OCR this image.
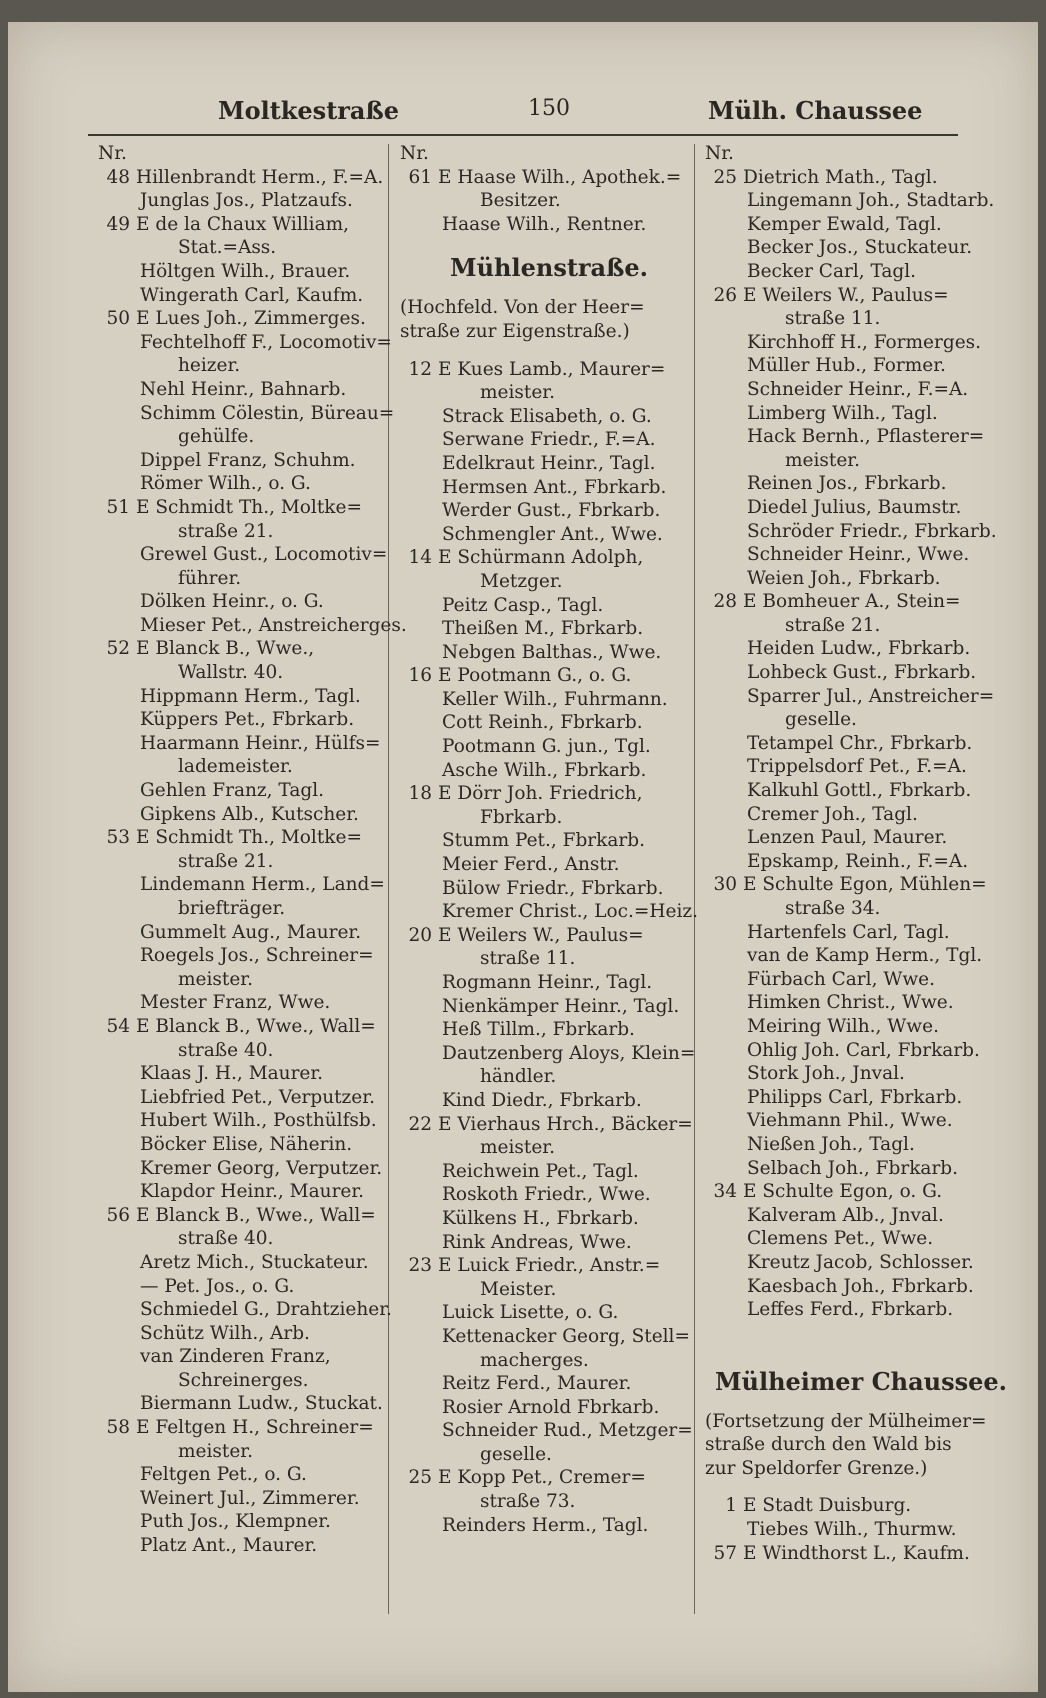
Moltkestraße	150	Mülh. Chaussee
Nr.
48 Hillenbrandt Herm., F.=A.
Junglas Jos., Platzaufs.
49 E de la Chaux William,
Stat.=Ass.
Höltgen Wilh., Brauer.
Wingerath Carl, Kaufm.
50 E Lues Joh., Zimmerges.
Fechtelhoff F., Locomotiv=
heizer.
Nehl Heinr., Bahnarb.
Schimm Cölestin, Büreau=
gehülfe.
Dippel Franz, Schuhm.
Römer Wilh., o. G.
51 E Schmidt Th., Moltke=
straße 21.
Grewel Gust., Locomotiv=
führer.
Dölken Heinr., o. G.
Mieser Pet., Anstreicherges.
52 E Blanck B., Wwe.,
Wallstr. 40.
Hippmann Herm., Tagl.
Küppers Pet., Fbrkarb.
Haarmann Heinr., Hülfs=
lademeister.
Gehlen Franz, Tagl.
Gipkens Alb., Kutscher.
53 E Schmidt Th., Moltke=
straße 21.
Lindemann Herm., Land=
briefträger.
Gummelt Aug., Maurer.
Roegels Jos., Schreiner=
meister.
Mester Franz, Wwe.
54 E Blanck B., Wwe., Wall=
straße 40.
Klaas J. H., Maurer.
Liebfried Pet., Verputzer.
Hubert Wilh., Posthülfsb.
Böcker Elise, Näherin.
Kremer Georg, Verputzer.
Klapdor Heinr., Maurer.
56 E Blanck B., Wwe., Wall=
straße 40.
Aretz Mich., Stuckateur.
— Pet. Jos., o. G.
Schmiedel G., Drahtzieher.
Schütz Wilh., Arb.
van Zinderen Franz,
Schreinerges.
Biermann Ludw., Stuckat.
58 E Feltgen H., Schreiner=
meister.
Feltgen Pet., o. G.
Weinert Jul., Zimmerer.
Puth Jos., Klempner.
Platz Ant., Maurer.
Nr.
61 E Haase Wilh., Apothek.=
Besitzer.
Haase Wilh., Rentner.
Mühlenstraße.
(Hochfeld. Von der Heer=
straße zur Eigenstraße.)
12 E Kues Lamb., Maurer=
meister.
Strack Elisabeth, o. G.
Serwane Friedr., F.=A.
Edelkraut Heinr., Tagl.
Hermsen Ant., Fbrkarb.
Werder Gust., Fbrkarb.
Schmengler Ant., Wwe.
14 E Schürmann Adolph,
Metzger.
Peitz Casp., Tagl.
Theißen M., Fbrkarb.
Nebgen Balthas., Wwe.
16 E Pootmann G., o. G.
Keller Wilh., Fuhrmann.
Cott Reinh., Fbrkarb.
Pootmann G. jun., Tgl.
Asche Wilh., Fbrkarb.
18 E Dörr Joh. Friedrich,
Fbrkarb.
Stumm Pet., Fbrkarb.
Meier Ferd., Anstr.
Bülow Friedr., Fbrkarb.
Kremer Christ., Loc.=Heiz.
20 E Weilers W., Paulus=
straße 11.
Rogmann Heinr., Tagl.
Nienkämper Heinr., Tagl.
Heß Tillm., Fbrkarb.
Dautzenberg Aloys, Klein=
händler.
Kind Diedr., Fbrkarb.
22 E Vierhaus Hrch., Bäcker=
meister.
Reichwein Pet., Tagl.
Roskoth Friedr., Wwe.
Külkens H., Fbrkarb.
Rink Andreas, Wwe.
23 E Luick Friedr., Anstr.=
Meister.
Luick Lisette, o. G.
Kettenacker Georg, Stell=
macherges.
Reitz Ferd., Maurer.
Rosier Arnold Fbrkarb.
Schneider Rud., Metzger=
geselle.
25 E Kopp Pet., Cremer=
straße 73.
Reinders Herm., Tagl.
Nr.
25 Dietrich Math., Tagl.
Lingemann Joh., Stadtarb.
Kemper Ewald, Tagl.
Becker Jos., Stuckateur.
Becker Carl, Tagl.
26 E Weilers W., Paulus=
straße 11.
Kirchhoff H., Formerges.
Müller Hub., Former.
Schneider Heinr., F.=A.
Limberg Wilh., Tagl.
Hack Bernh., Pflasterer=
meister.
Reinen Jos., Fbrkarb.
Diedel Julius, Baumstr.
Schröder Friedr., Fbrkarb.
Schneider Heinr., Wwe.
Weien Joh., Fbrkarb.
28 E Bomheuer A., Stein=
straße 21.
Heiden Ludw., Fbrkarb.
Lohbeck Gust., Fbrkarb.
Sparrer Jul., Anstreicher=
geselle.
Tetampel Chr., Fbrkarb.
Trippelsdorf Pet., F.=A.
Kalkuhl Gottl., Fbrkarb.
Cremer Joh., Tagl.
Lenzen Paul, Maurer.
Epskamp, Reinh., F.=A.
30 E Schulte Egon, Mühlen=
straße 34.
Hartenfels Carl, Tagl.
van de Kamp Herm., Tgl.
Fürbach Carl, Wwe.
Himken Christ., Wwe.
Meiring Wilh., Wwe.
Ohlig Joh. Carl, Fbrkarb.
Stork Joh., Jnval.
Philipps Carl, Fbrkarb.
Viehmann Phil., Wwe.
Nießen Joh., Tagl.
Selbach Joh., Fbrkarb.
34 E Schulte Egon, o. G.
Kalveram Alb., Jnval.
Clemens Pet., Wwe.
Kreutz Jacob, Schlosser.
Kaesbach Joh., Fbrkarb.
Leffes Ferd., Fbrkarb.
Mülheimer Chaussee.
(Fortsetzung der Mülheimer=
straße durch den Wald bis
zur Speldorfer Grenze.)
1 E Stadt Duisburg.
Tiebes Wilh., Thurmw.
57 E Windthorst L., Kaufm.
